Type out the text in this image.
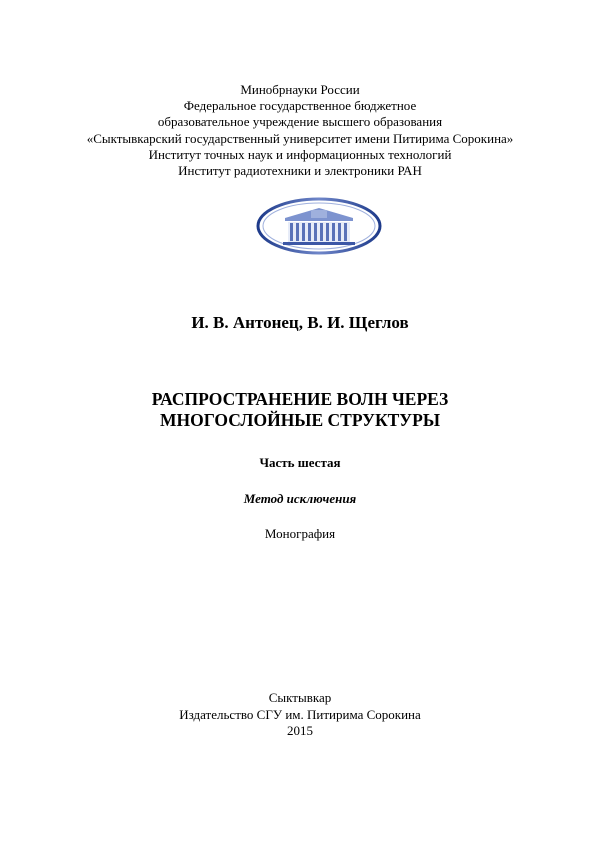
Минобрнауки России
Федеральное государственное бюджетное
образовательное учреждение высшего образования
«Сыктывкарский государственный университет имени Питирима Сорокина»
Институт точных наук и информационных технологий
Институт радиотехники и электроники РАН
И. В. Антонец, В. И. Щеглов
РАСПРОСТРАНЕНИЕ ВОЛН ЧЕРЕЗ
МНОГОСЛОЙНЫЕ СТРУКТУРЫ
Часть шестая
Метод исключения
Монография
Сыктывкар
Издательство СГУ им. Питирима Сорокина
2015
